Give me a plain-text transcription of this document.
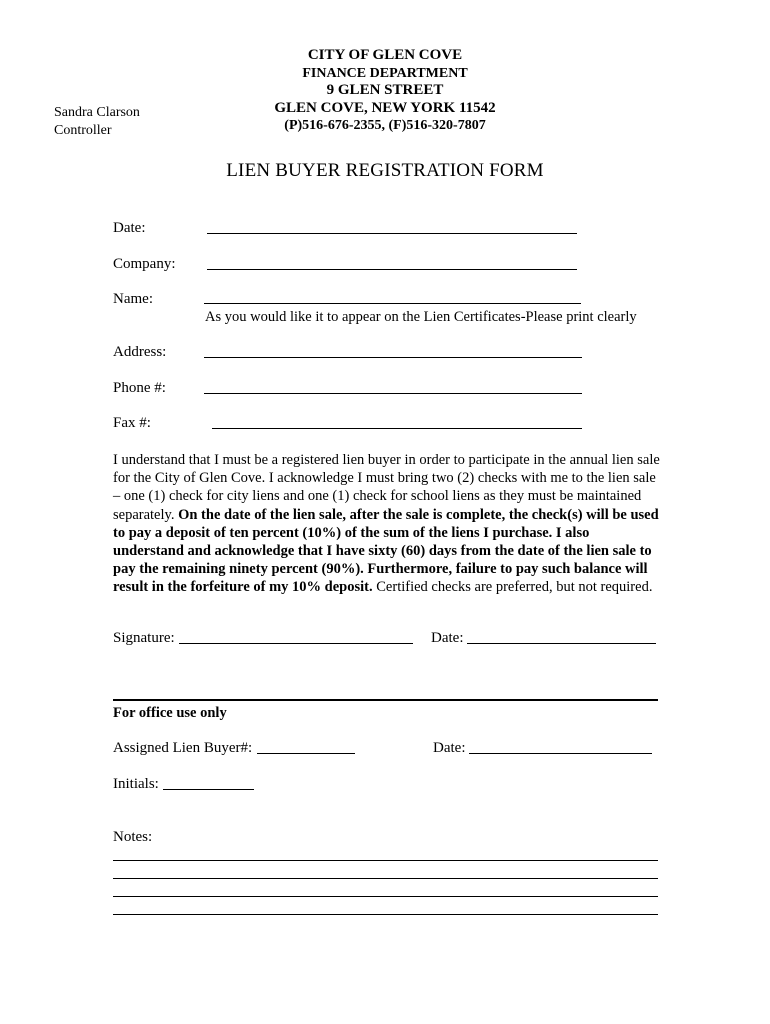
CITY OF GLEN COVE
FINANCE DEPARTMENT
9 GLEN STREET
GLEN COVE, NEW YORK 11542
(P)516-676-2355, (F)516-320-7807
Sandra Clarson
Controller
LIEN BUYER REGISTRATION FORM
Date:
Company:
Name:
As you would like it to appear on the Lien Certificates-Please print clearly
Address:
Phone #:
Fax #:
I understand that I must be a registered lien buyer in order to participate in the annual lien sale for the City of Glen Cove. I acknowledge I must bring two (2) checks with me to the lien sale – one (1) check for city liens and one (1) check for school liens as they must be maintained separately. On the date of the lien sale, after the sale is complete, the check(s) will be used to pay a deposit of ten percent (10%) of the sum of the liens I purchase. I also understand and acknowledge that I have sixty (60) days from the date of the lien sale to pay the remaining ninety percent (90%). Furthermore, failure to pay such balance will result in the forfeiture of my 10% deposit. Certified checks are preferred, but not required.
Signature:	Date:
For office use only
Assigned Lien Buyer#:	Date:
Initials:
Notes:
